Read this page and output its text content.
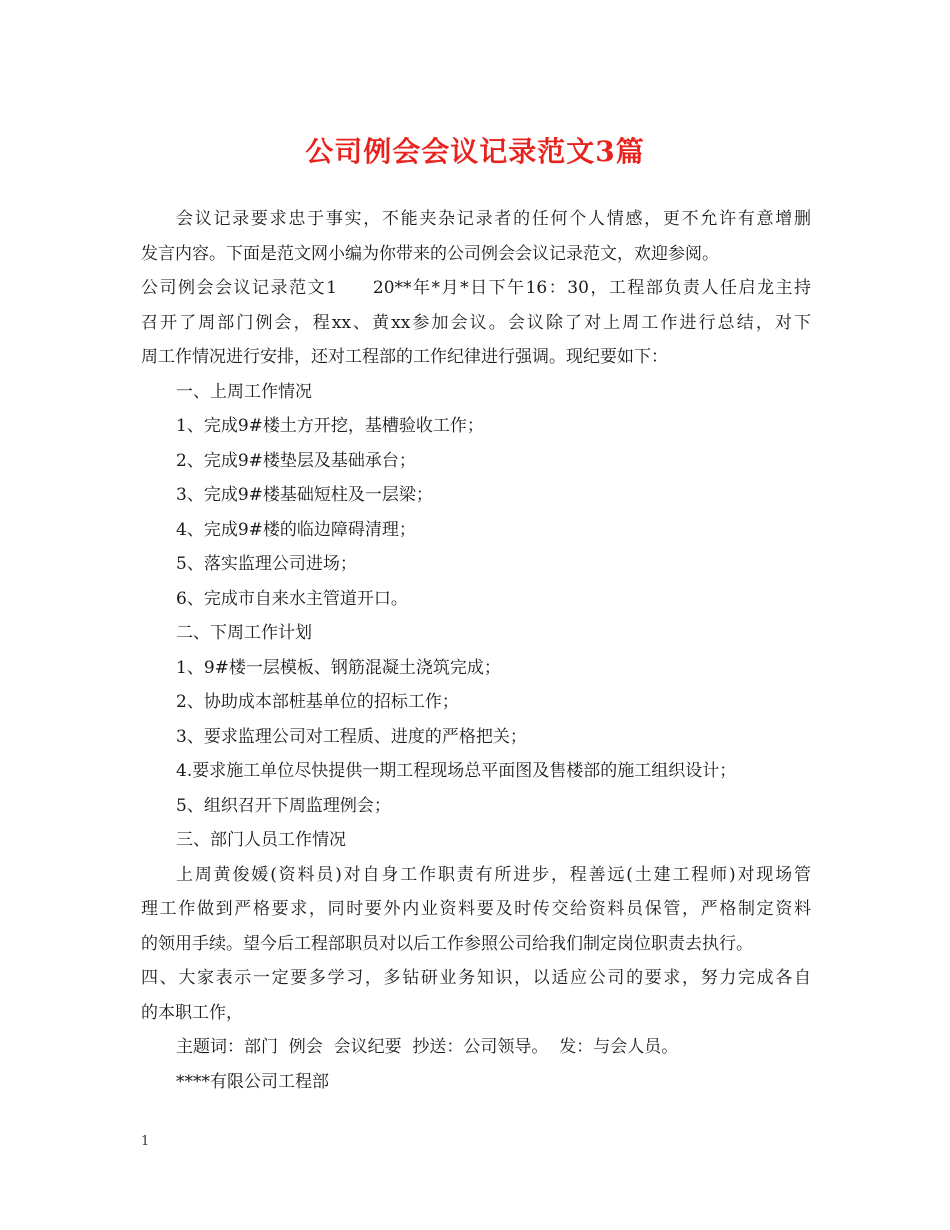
公司例会会议记录范文3篇

会议记录要求忠于事实，不能夹杂记录者的任何个人情感，更不允许有意增删

发言内容。下面是范文网小编为你带来的公司例会会议记录范文，欢迎参阅。

公司例会会议记录范文1 20**年*月*日下午16：30，工程部负责人任启龙主持

召开了周部门例会，程xx、黄xx参加会议。会议除了对上周工作进行总结，对下

周工作情况进行安排，还对工程部的工作纪律进行强调。现纪要如下：

一、上周工作情况

1、完成9#楼土方开挖，基槽验收工作；

2、完成9#楼垫层及基础承台；

3、完成9#楼基础短柱及一层梁；

4、完成9#楼的临边障碍清理；

5、落实监理公司进场；

6、完成市自来水主管道开口。

二、下周工作计划

1、9#楼一层模板、钢筋混凝土浇筑完成；

2、协助成本部桩基单位的招标工作；

3、要求监理公司对工程质、进度的严格把关；

4.要求施工单位尽快提供一期工程现场总平面图及售楼部的施工组织设计；

5、组织召开下周监理例会；

三、部门人员工作情况

上周黄俊媛(资料员)对自身工作职责有所进步，程善远(土建工程师)对现场管

理工作做到严格要求，同时要外内业资料要及时传交给资料员保管，严格制定资料

的领用手续。望今后工程部职员对以后工作参照公司给我们制定岗位职责去执行。

四、大家表示一定要多学习，多钻研业务知识，以适应公司的要求，努力完成各自

的本职工作，

主题词：部门  例会  会议纪要  抄送：公司领导。  发：与会人员。

****有限公司工程部

1
